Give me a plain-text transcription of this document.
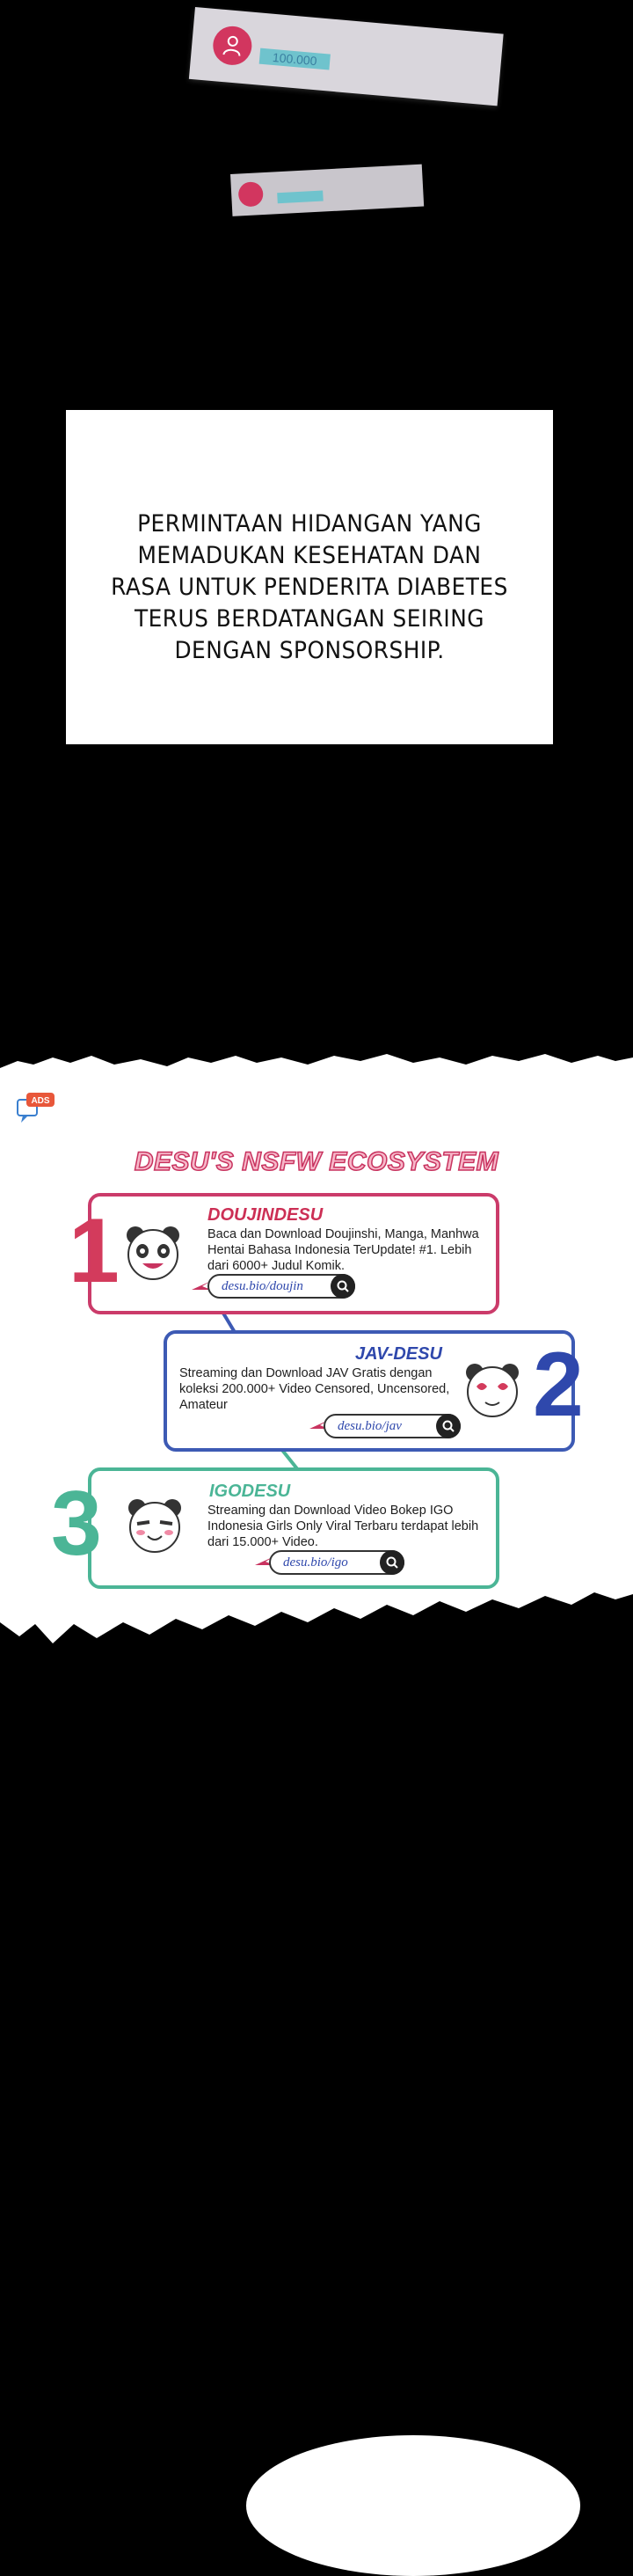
100.000

PERMINTAAN HIDANGAN YANG MEMADUKAN KESEHATAN DAN RASA UNTUK PENDERITA DIABETES TERUS BERDATANGAN SEIRING DENGAN SPONSORSHIP.

ADS
DESU'S NSFW ECOSYSTEM
1	DOUJINDESU
Baca dan Download Doujinshi, Manga, Manhwa Hentai Bahasa Indonesia TerUpdate! #1. Lebih dari 6000+ Judul Komik.
desu.bio/doujin
2
JAV-DESU
Streaming dan Download JAV Gratis dengan koleksi 200.000+ Video Censored, Uncensored, Amateur
desu.bio/jav
3	IGODESU
Streaming dan Download Video Bokep IGO Indonesia Girls Only Viral Terbaru terdapat lebih dari 15.000+ Video.
desu.bio/igo
